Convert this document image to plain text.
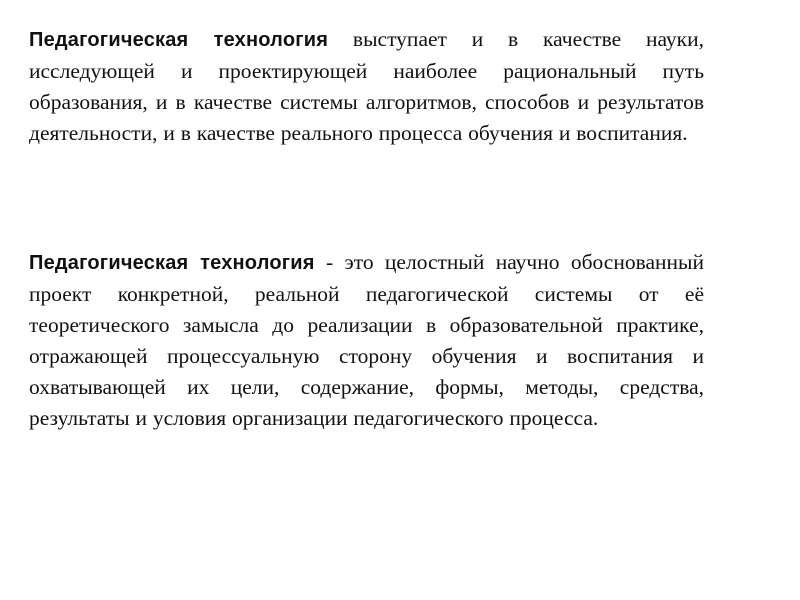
Педагогическая технология выступает и в качестве науки, исследующей и проектирующей наиболее рациональный путь образования, и в качестве системы алгоритмов, способов и результатов деятельности, и в качестве реального процесса обучения и воспитания.

Педагогическая технология - это целостный научно обоснованный проект конкретной, реальной педагогической системы от её теоретического замысла до реализации в образовательной практике, отражающей процессуальную сторону обучения и воспитания и охватывающей их цели, содержание, формы, методы, средства, результаты и условия организации педагогического процесса.
